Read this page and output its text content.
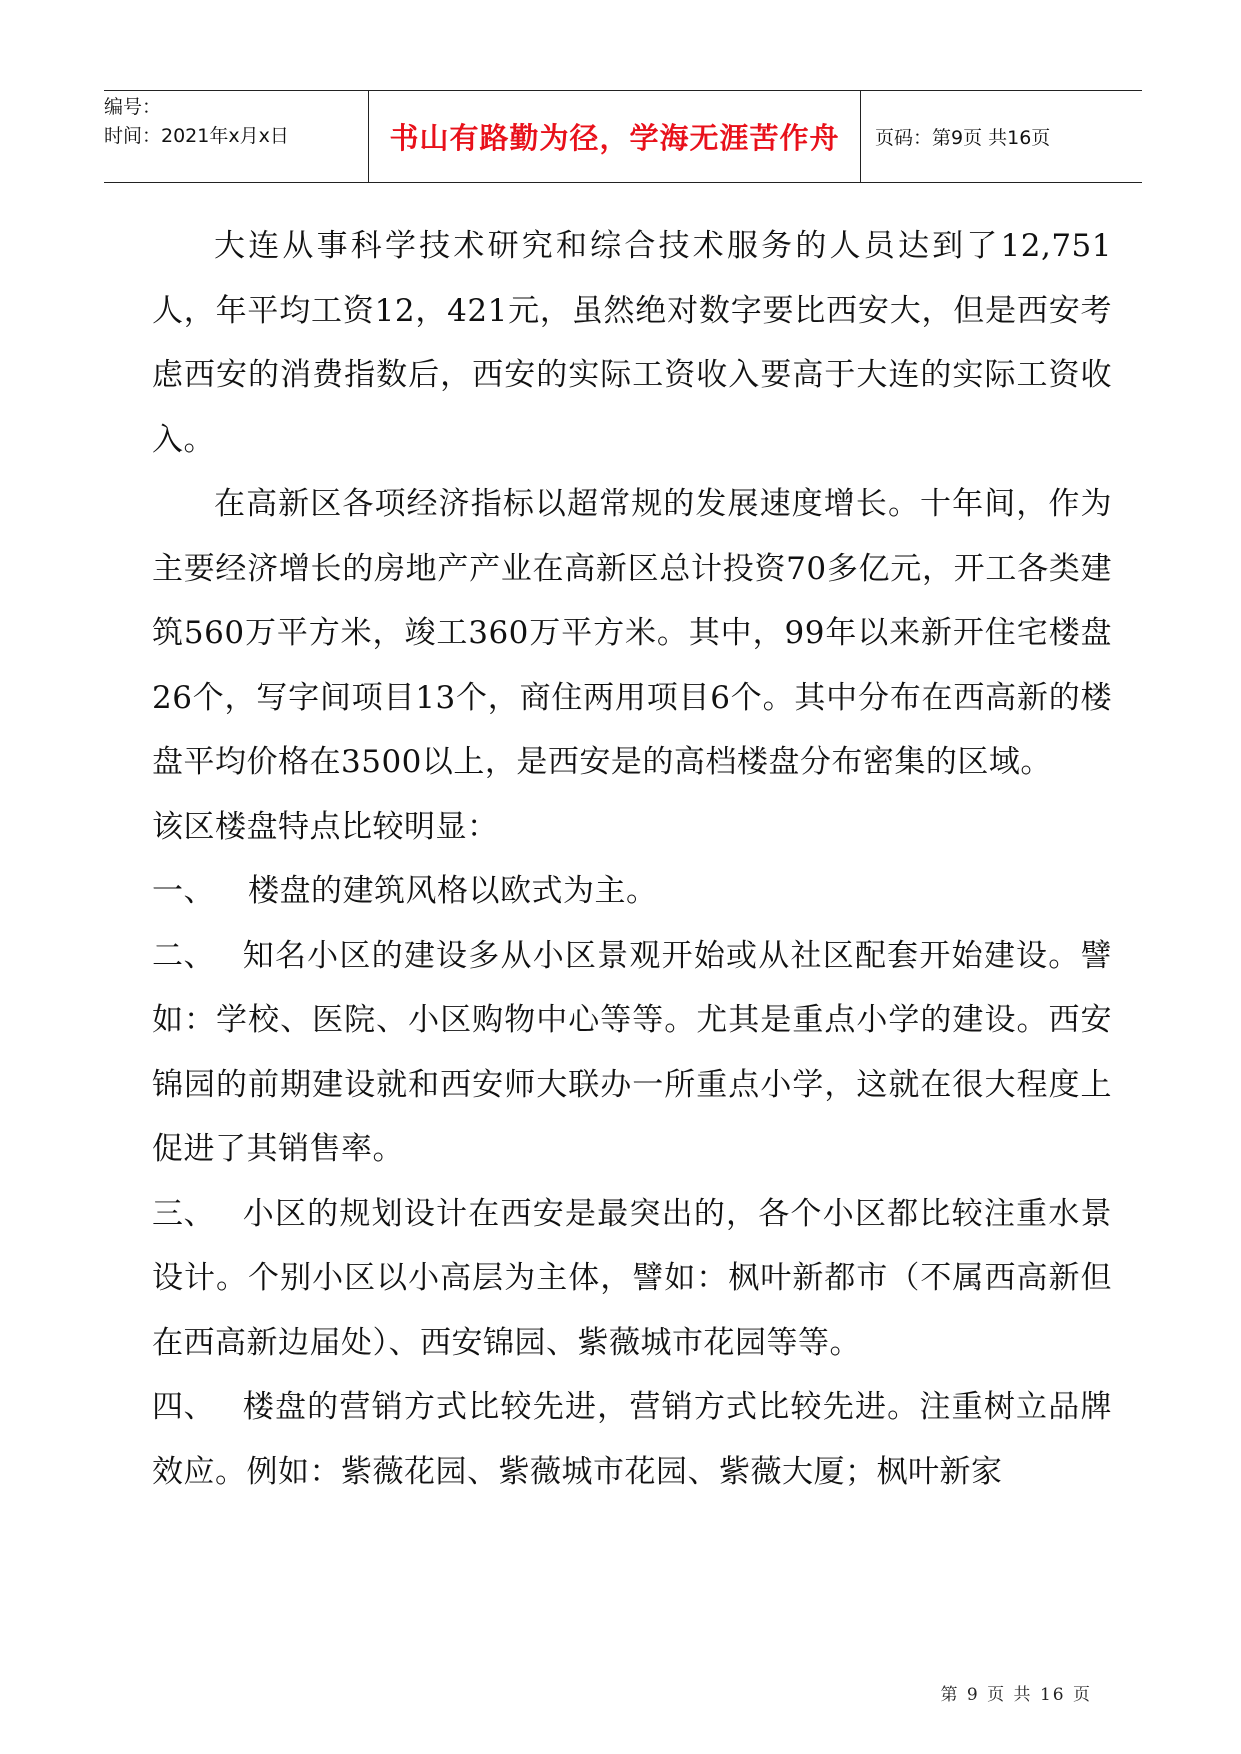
编号：
时间：2021年x月x日	书山有路勤为径，学海无涯苦作舟	页码：第9页 共16页

大连从事科学技术研究和综合技术服务的人员达到了12,751人，年平均工资12，421元，虽然绝对数字要比西安大，但是西安考虑西安的消费指数后，西安的实际工资收入要高于大连的实际工资收入。

在高新区各项经济指标以超常规的发展速度增长。十年间，作为主要经济增长的房地产产业在高新区总计投资70多亿元，开工各类建筑560万平方米，竣工360万平方米。其中，99年以来新开住宅楼盘26个，写字间项目13个，商住两用项目6个。其中分布在西高新的楼盘平均价格在3500以上，是西安是的高档楼盘分布密集的区域。

该区楼盘特点比较明显：

一、 楼盘的建筑风格以欧式为主。

二、 知名小区的建设多从小区景观开始或从社区配套开始建设。譬如：学校、医院、小区购物中心等等。尤其是重点小学的建设。西安锦园的前期建设就和西安师大联办一所重点小学，这就在很大程度上促进了其销售率。

三、 小区的规划设计在西安是最突出的，各个小区都比较注重水景设计。个别小区以小高层为主体，譬如：枫叶新都市（不属西高新但在西高新边届处）、西安锦园、紫薇城市花园等等。

四、 楼盘的营销方式比较先进，营销方式比较先进。注重树立品牌效应。例如：紫薇花园、紫薇城市花园、紫薇大厦；枫叶新家

第 9 页 共 16 页
